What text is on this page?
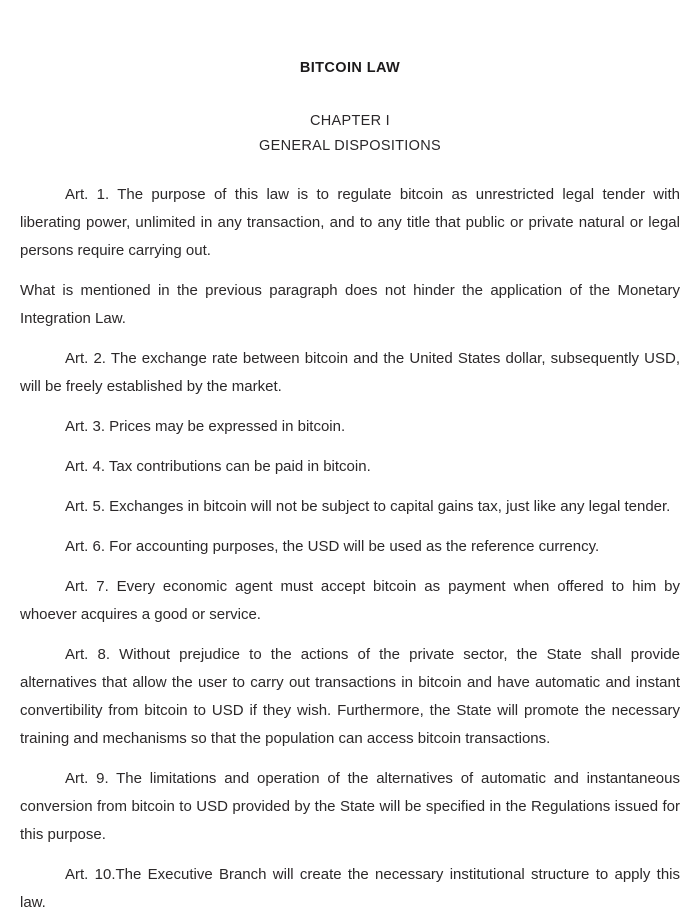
BITCOIN LAW
CHAPTER I
GENERAL DISPOSITIONS

Art. 1. The purpose of this law is to regulate bitcoin as unrestricted legal tender with liberating power, unlimited in any transaction, and to any title that public or private natural or legal persons require carrying out.

What is mentioned in the previous paragraph does not hinder the application of the Monetary Integration Law.

Art. 2. The exchange rate between bitcoin and the United States dollar, subsequently USD, will be freely established by the market.

Art. 3. Prices may be expressed in bitcoin.

Art. 4. Tax contributions can be paid in bitcoin.

Art. 5. Exchanges in bitcoin will not be subject to capital gains tax, just like any legal tender.

Art. 6. For accounting purposes, the USD will be used as the reference currency.

Art. 7. Every economic agent must accept bitcoin as payment when offered to him by whoever acquires a good or service.

Art. 8. Without prejudice to the actions of the private sector, the State shall provide alternatives that allow the user to carry out transactions in bitcoin and have automatic and instant convertibility from bitcoin to USD if they wish. Furthermore, the State will promote the necessary training and mechanisms so that the population can access bitcoin transactions.

Art. 9. The limitations and operation of the alternatives of automatic and instantaneous conversion from bitcoin to USD provided by the State will be specified in the Regulations issued for this purpose.

Art. 10.The Executive Branch will create the necessary institutional structure to apply this law.
